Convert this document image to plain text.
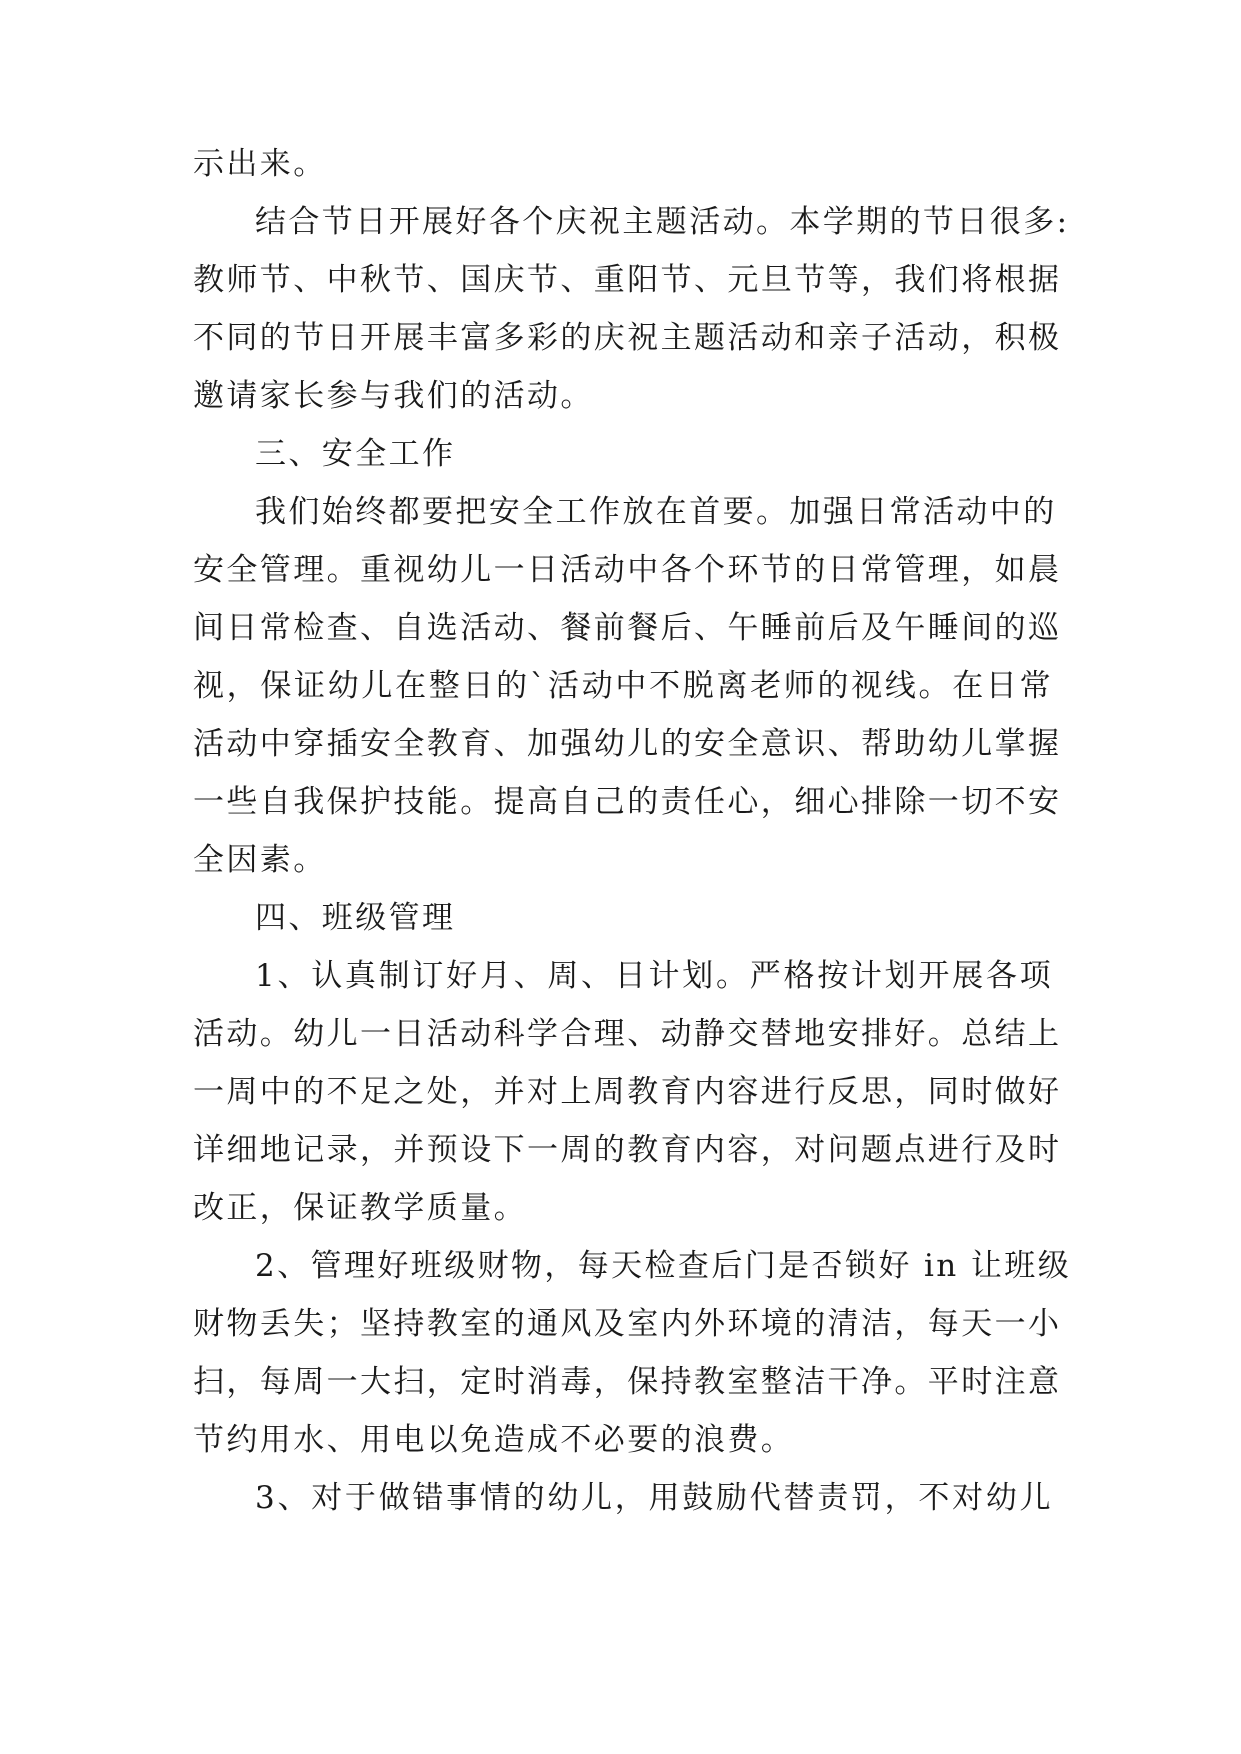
示出来。
结合节日开展好各个庆祝主题活动。本学期的节日很多:
教师节、中秋节、国庆节、重阳节、元旦节等，我们将根据
不同的节日开展丰富多彩的庆祝主题活动和亲子活动，积极
邀请家长参与我们的活动。
三、安全工作
我们始终都要把安全工作放在首要。加强日常活动中的
安全管理。重视幼儿一日活动中各个环节的日常管理，如晨
间日常检查、自选活动、餐前餐后、午睡前后及午睡间的巡
视，保证幼儿在整日的`活动中不脱离老师的视线。在日常
活动中穿插安全教育、加强幼儿的安全意识、帮助幼儿掌握
一些自我保护技能。提高自己的责任心，细心排除一切不安
全因素。
四、班级管理
1、认真制订好月、周、日计划。严格按计划开展各项
活动。幼儿一日活动科学合理、动静交替地安排好。总结上
一周中的不足之处，并对上周教育内容进行反思，同时做好
详细地记录，并预设下一周的教育内容，对问题点进行及时
改正，保证教学质量。
2、管理好班级财物，每天检查后门是否锁好 in 让班级
财物丢失；坚持教室的通风及室内外环境的清洁，每天一小
扫，每周一大扫，定时消毒，保持教室整洁干净。平时注意
节约用水、用电以免造成不必要的浪费。
3、对于做错事情的幼儿，用鼓励代替责罚，不对幼儿
